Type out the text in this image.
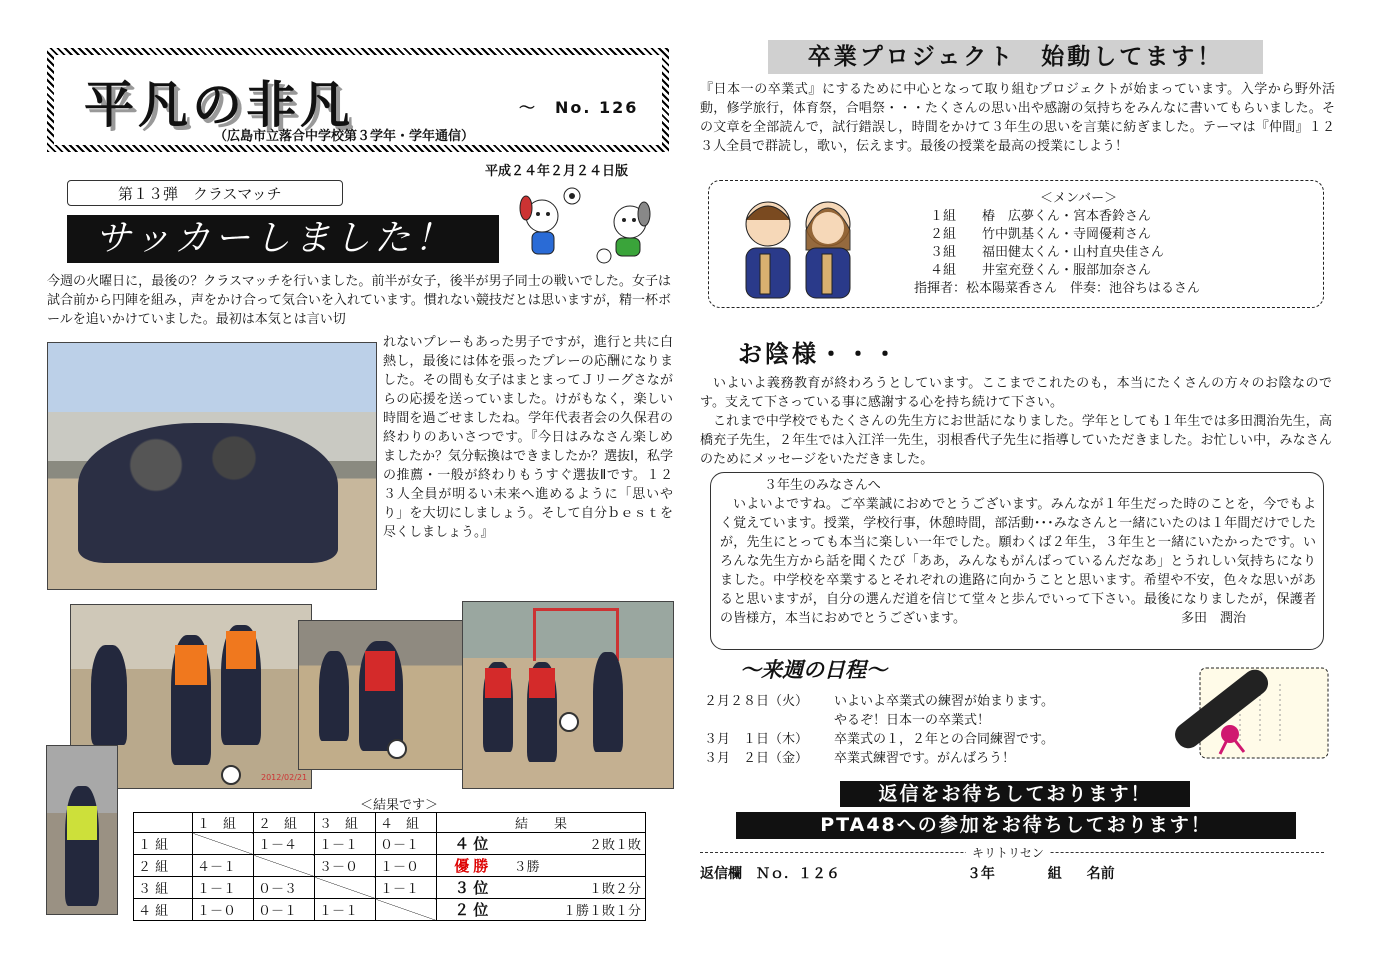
平凡の非凡	～　No. 126
（広島市立落合中学校第３学年・学年通信）
平成２４年２月２４日版
第１３弾　クラスマッチ
サッカーしました！
今週の火曜日に，最後の？クラスマッチを行いました。前半が女子，後半が男子同士の戦いでした。女子は試合前から円陣を組み，声をかけ合って気合いを入れています。慣れない競技だとは思いますが，精一杯ボールを追いかけていました。最初は本気とは言い切
れないプレーもあった男子ですが，進行と共に白熱し，最後には体を張ったプレーの応酬になりました。その間も女子はまとまってＪリーグさながらの応援を送っていました。けがもなく，楽しい時間を過ごせましたね。学年代表者会の久保君の終わりのあいさつです。『今日はみなさん楽しめましたか？気分転換はできましたか？選抜Ⅰ，私学の推薦・一般が終わりもうすぐ選抜Ⅱです。１２３人全員が明るい未来へ進めるように「思いやり」を大切にしましょう。そして自分ｂｅｓｔを尽くしましょう。』
2012/02/21
＜結果です＞
	１　組	２　組	３　組	４　組	結　　果	
１ 組		１－４	１－１	０－１	４位	２敗１敗
２ 組	４－１		３－０	１－０	優勝	３勝
３ 組	１－１	０－３		１－１	３位	１敗２分
４ 組	１－０	０－１	１－１		２位	１勝１敗１分
卒業プロジェクト　始動してます！
『日本一の卒業式』にするために中心となって取り組むプロジェクトが始まっています。入学から野外活動，修学旅行，体育祭，合唱祭・・・たくさんの思い出や感謝の気持ちをみんなに書いてもらいました。その文章を全部読んで，試行錯誤し，時間をかけて３年生の思いを言葉に紡ぎました。テーマは『仲間』１２３人全員で群読し，歌い，伝えます。最後の授業を最高の授業にしよう！
＜メンバー＞
１組　　椿　広夢くん・宮本香鈴さん
２組　　竹中凱基くん・寺岡優莉さん
３組　　福田健太くん・山村直央佳さん
４組　　井室充登くん・服部加奈さん
指揮者：松本陽菜香さん　伴奏：池谷ちはるさん
お陰様・・・
いよいよ義務教育が終わろうとしています。ここまでこれたのも，本当にたくさんの方々のお陰なのです。支えて下さっている事に感謝する心を持ち続けて下さい。
これまで中学校でもたくさんの先生方にお世話になりました。学年としても１年生では多田潤治先生，高橋充子先生，２年生では入江洋一先生，羽根香代子先生に指導していただきました。お忙しい中，みなさんのためにメッセージをいただきました。
３年生のみなさんへ
いよいよですね。ご卒業誠におめでとうございます。みんなが１年生だった時のことを，今でもよく覚えています。授業，学校行事，休憩時間，部活動･･･みなさんと一緒にいたのは１年間だけでしたが，先生にとっても本当に楽しい一年でした。願わくば２年生，３年生と一緒にいたかったです。いろんな先生方から話を聞くたび「ああ，みんなもがんばっているんだなあ」とうれしい気持ちになりました。中学校を卒業するとそれぞれの進路に向かうことと思います。希望や不安，色々な思いがあると思いますが，自分の選んだ道を信じて堂々と歩んでいって下さい。最後になりましたが，保護者の皆様方，本当におめでとうございます。	多田　潤治
～来週の日程～
２月２８日（火）	いよいよ卒業式の練習が始まります。
やるぞ！日本一の卒業式！
３月　１日（木）	卒業式の１，２年との合同練習です。
３月　２日（金）	卒業式練習です。がんばろう！
返信をお待ちしております！
PTA48への参加をお待ちしております！
キリトリセン
返信欄　Ｎｏ．１２６	３年	組 名前
